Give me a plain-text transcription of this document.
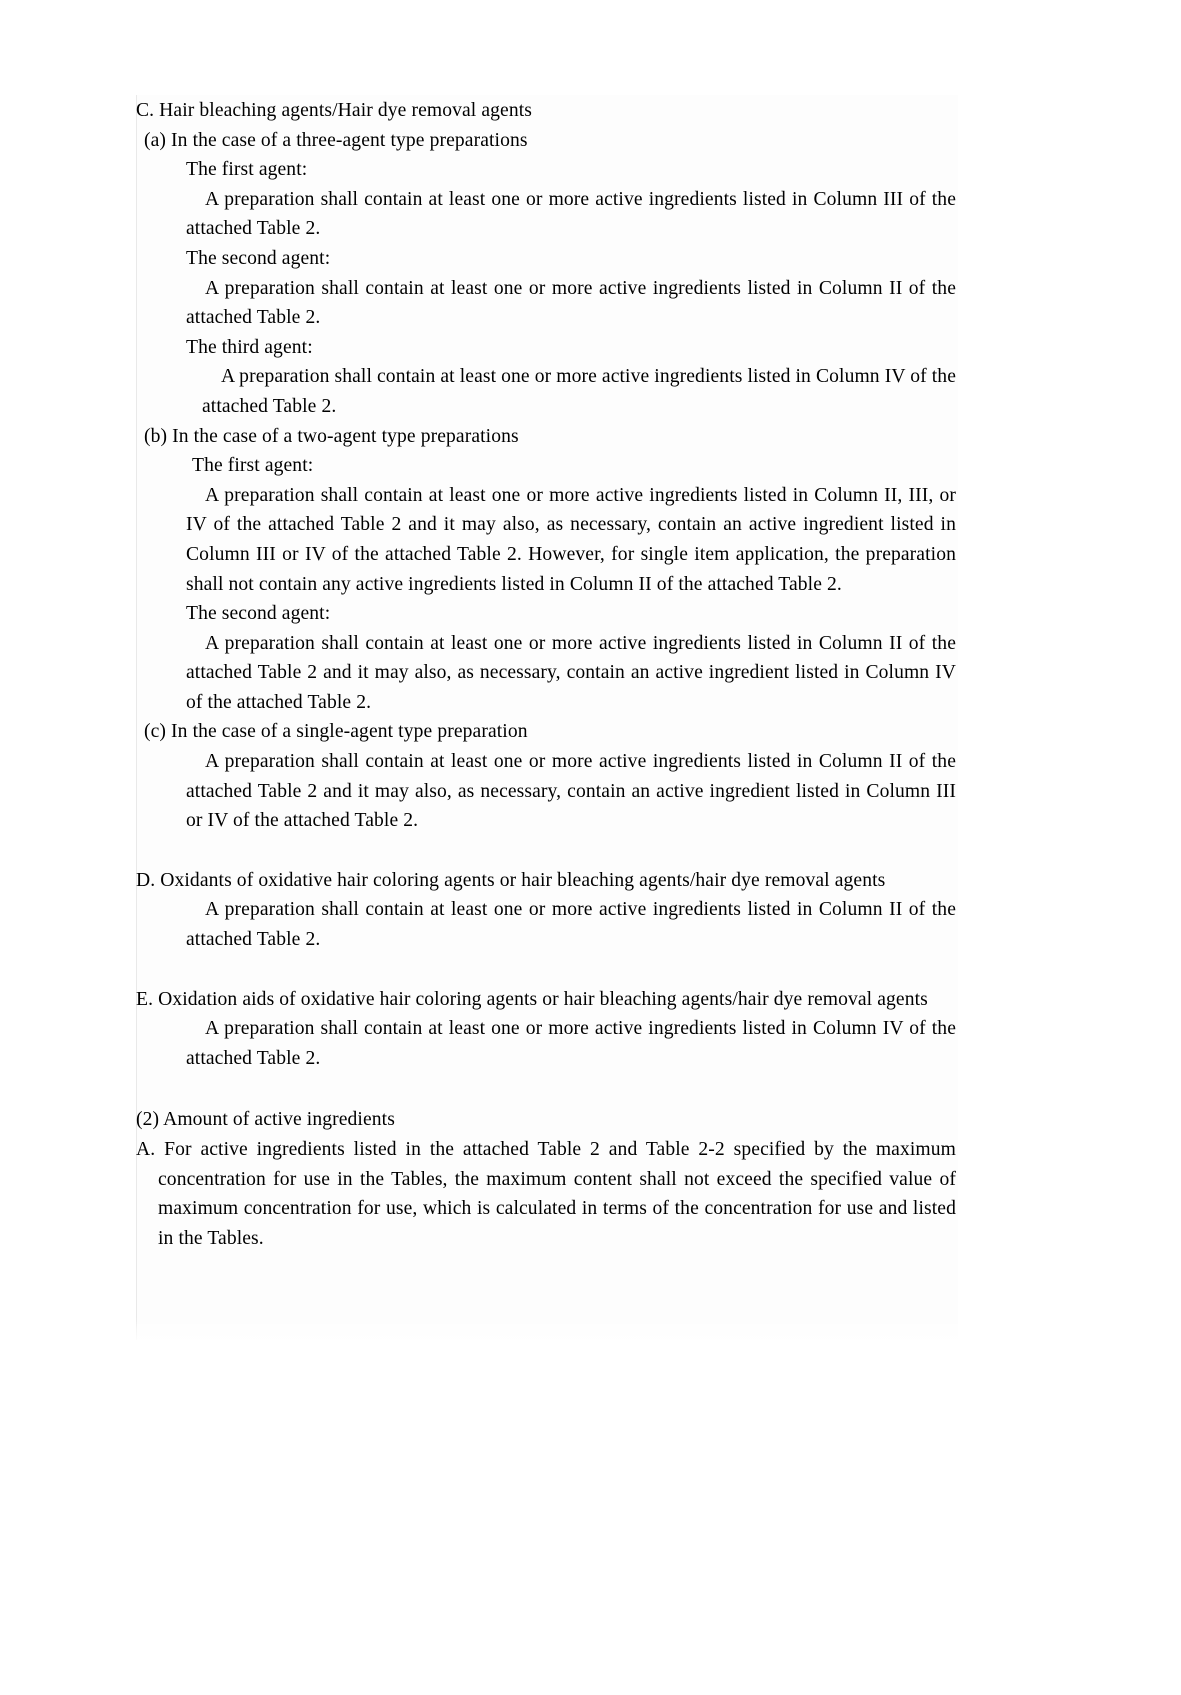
C. Hair bleaching agents/Hair dye removal agents

(a) In the case of a three-agent type preparations

The first agent:

A preparation shall contain at least one or more active ingredients listed in Column III of the attached Table 2.

The second agent:

A preparation shall contain at least one or more active ingredients listed in Column II of the attached Table 2.

The third agent:

A preparation shall contain at least one or more active ingredients listed in Column IV of the attached Table 2.

(b) In the case of a two-agent type preparations

The first agent:

A preparation shall contain at least one or more active ingredients listed in Column II, III, or IV of the attached Table 2 and it may also, as necessary, contain an active ingredient listed in Column III or IV of the attached Table 2. However, for single item application, the preparation shall not contain any active ingredients listed in Column II of the attached Table 2.

The second agent:

A preparation shall contain at least one or more active ingredients listed in Column II of the attached Table 2 and it may also, as necessary, contain an active ingredient listed in Column IV of the attached Table 2.

(c) In the case of a single-agent type preparation

A preparation shall contain at least one or more active ingredients listed in Column II of the attached Table 2 and it may also, as necessary, contain an active ingredient listed in Column III or IV of the attached Table 2.

D. Oxidants of oxidative hair coloring agents or hair bleaching agents/hair dye removal agents

A preparation shall contain at least one or more active ingredients listed in Column II of the attached Table 2.

E. Oxidation aids of oxidative hair coloring agents or hair bleaching agents/hair dye removal agents

A preparation shall contain at least one or more active ingredients listed in Column IV of the attached Table 2.

(2) Amount of active ingredients

A. For active ingredients listed in the attached Table 2 and Table 2-2 specified by the maximum concentration for use in the Tables, the maximum content shall not exceed the specified value of maximum concentration for use, which is calculated in terms of the concentration for use and listed in the Tables.
